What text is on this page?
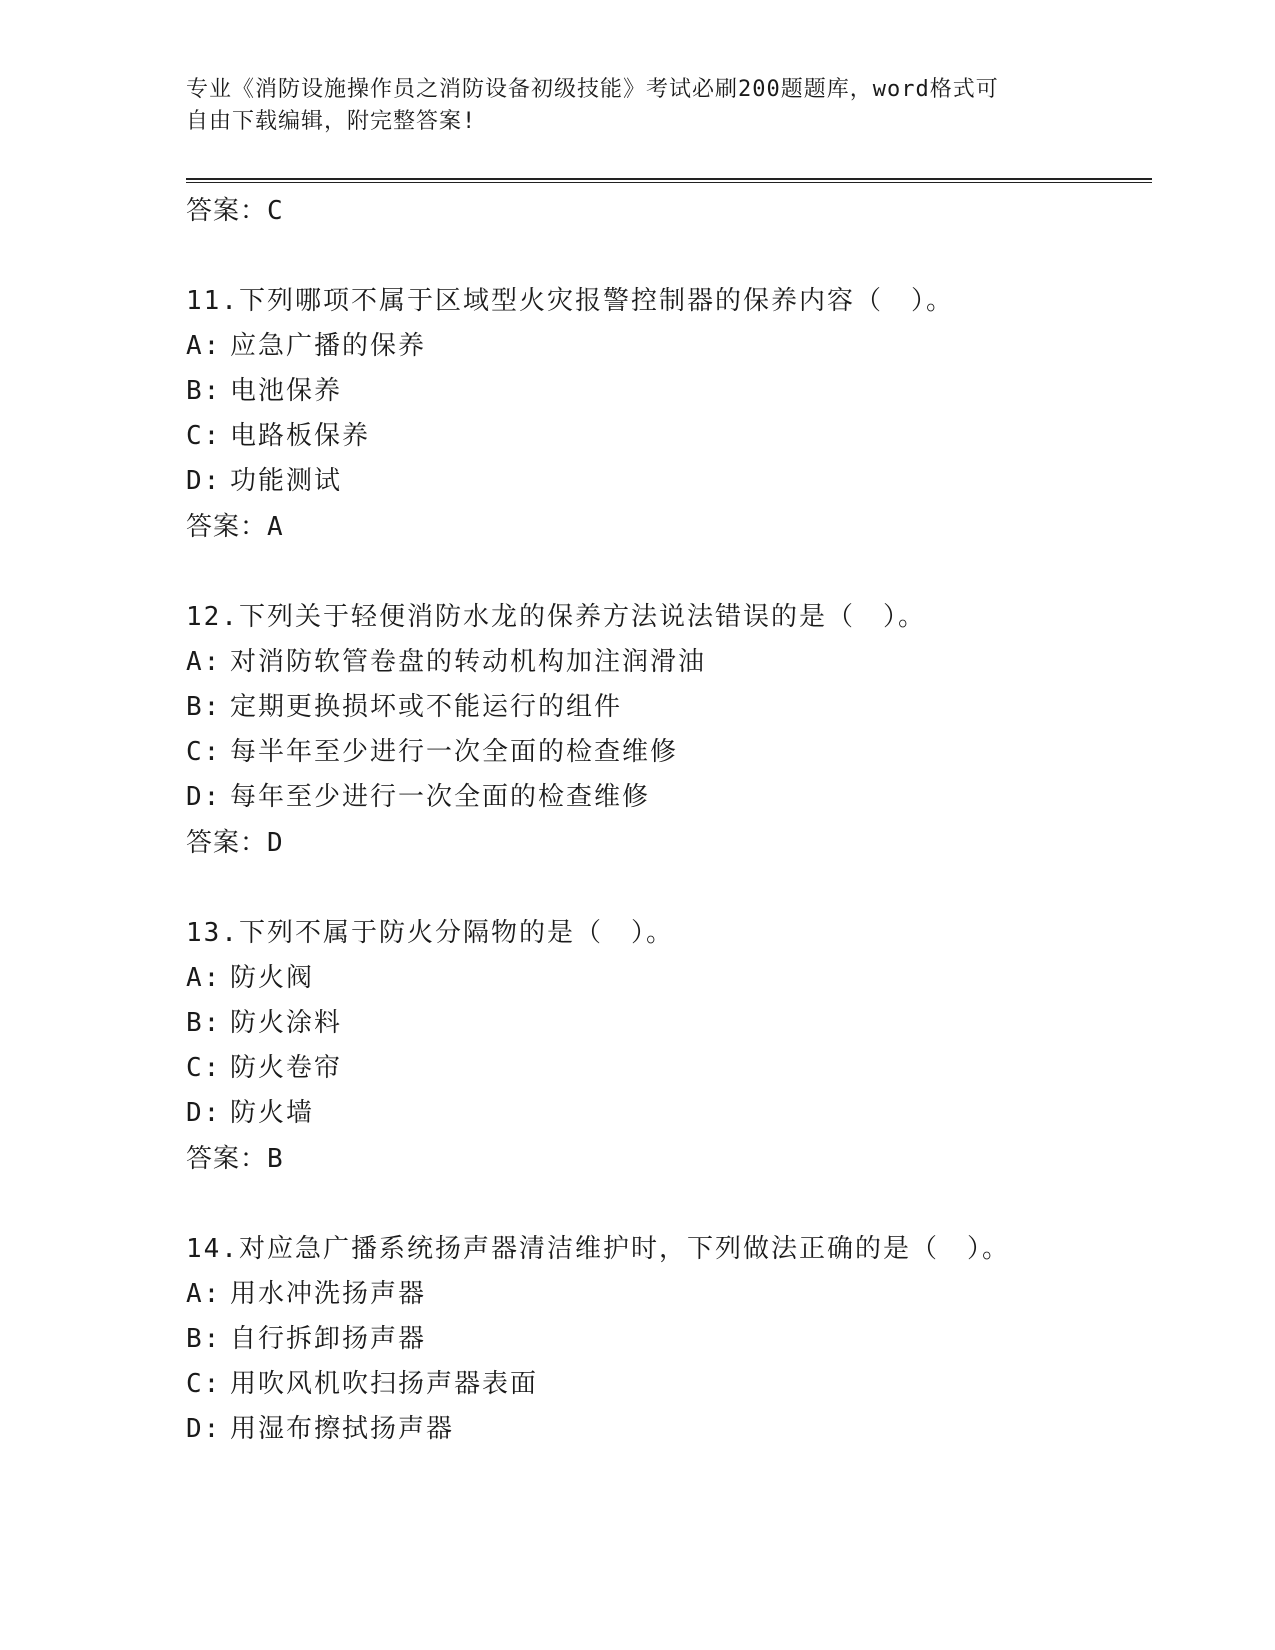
专业《消防设施操作员之消防设备初级技能》考试必刷200题题库，word格式可
自由下载编辑，附完整答案!
答案：C
11.下列哪项不属于区域型火灾报警控制器的保养内容（　）。
A: 应急广播的保养
B: 电池保养
C: 电路板保养
D: 功能测试
答案：A
12.下列关于轻便消防水龙的保养方法说法错误的是（　）。
A: 对消防软管卷盘的转动机构加注润滑油
B: 定期更换损坏或不能运行的组件
C: 每半年至少进行一次全面的检查维修
D: 每年至少进行一次全面的检查维修
答案：D
13.下列不属于防火分隔物的是（　）。
A: 防火阀
B: 防火涂料
C: 防火卷帘
D: 防火墙
答案：B
14.对应急广播系统扬声器清洁维护时，下列做法正确的是（　）。
A: 用水冲洗扬声器
B: 自行拆卸扬声器
C: 用吹风机吹扫扬声器表面
D: 用湿布擦拭扬声器
